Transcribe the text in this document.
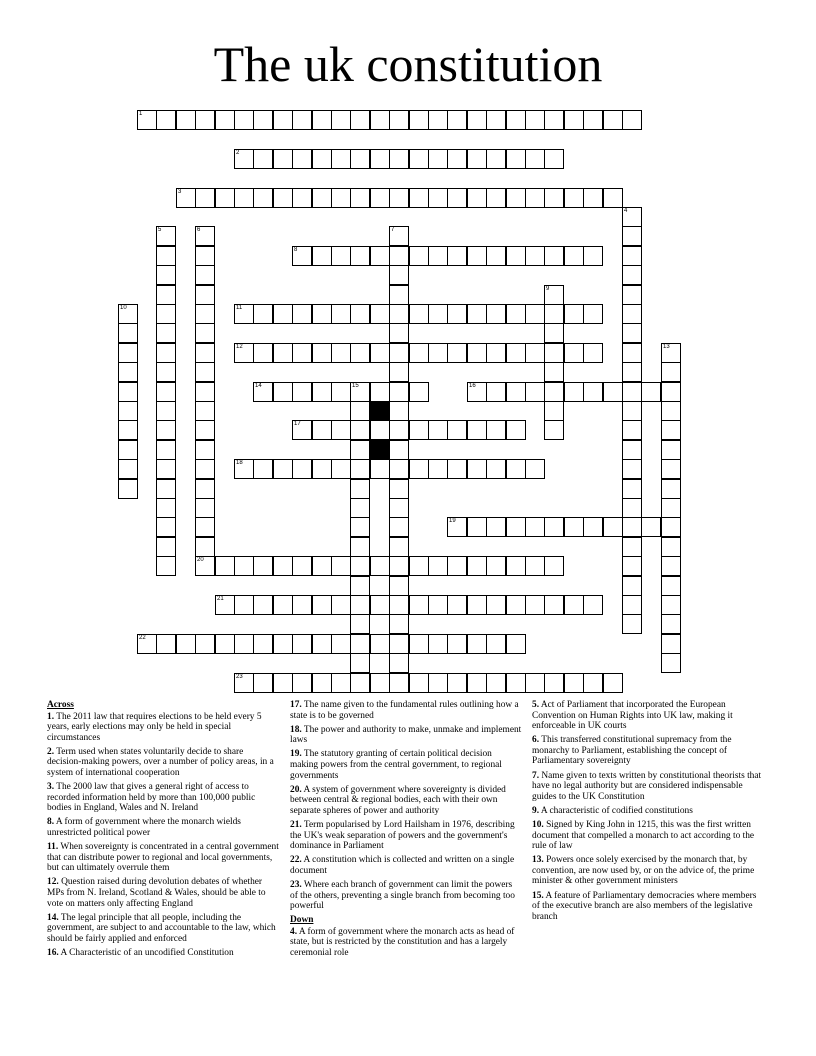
The uk constitution
1
2
3
4
5	6	7
8
9
10	11
12	13
14	15	16
17
18
19
20
21
22
23
Across

1. The 2011 law that requires elections to be held every 5 years, early elections may only be held in special circumstances

2. Term used when states voluntarily decide to share decision-making powers, over a number of policy areas, in a system of international cooperation

3. The 2000 law that gives a general right of access to recorded information held by more than 100,000 public bodies in England, Wales and N. Ireland

8. A form of government where the monarch wields unrestricted political power

11. When sovereignty is concentrated in a central government that can distribute power to regional and local governments, but can ultimately overrule them

12. Question raised during devolution debates of whether MPs from N. Ireland, Scotland & Wales, should be able to vote on matters only affecting England

14. The legal principle that all people, including the government, are subject to and accountable to the law, which should be fairly applied and enforced

16. A Characteristic of an uncodified Constitution

17. The name given to the fundamental rules outlining how a state is to be governed

18. The power and authority to make, unmake and implement laws

19. The statutory granting of certain political decision making powers from the central government, to regional governments

20. A system of government where sovereignty is divided between central & regional bodies, each with their own separate spheres of power and authority

21. Term popularised by Lord Hailsham in 1976, describing the UK's weak separation of powers and the government's dominance in Parliament

22. A constitution which is collected and written on a single document

23. Where each branch of government can limit the powers of the others, preventing a single branch from becoming too powerful

Down

4. A form of government where the monarch acts as head of state, but is restricted by the constitution and has a largely ceremonial role

5. Act of Parliament that incorporated the European Convention on Human Rights into UK law, making it enforceable in UK courts

6. This transferred constitutional supremacy from the monarchy to Parliament, establishing the concept of Parliamentary sovereignty

7. Name given to texts written by constitutional theorists that have no legal authority but are considered indispensable guides to the UK Constitution

9. A characteristic of codified constitutions

10. Signed by King John in 1215, this was the first written document that compelled a monarch to act according to the rule of law

13. Powers once solely exercised by the monarch that, by convention, are now used by, or on the advice of, the prime minister & other government ministers

15. A feature of Parliamentary democracies where members of the executive branch are also members of the legislative branch
